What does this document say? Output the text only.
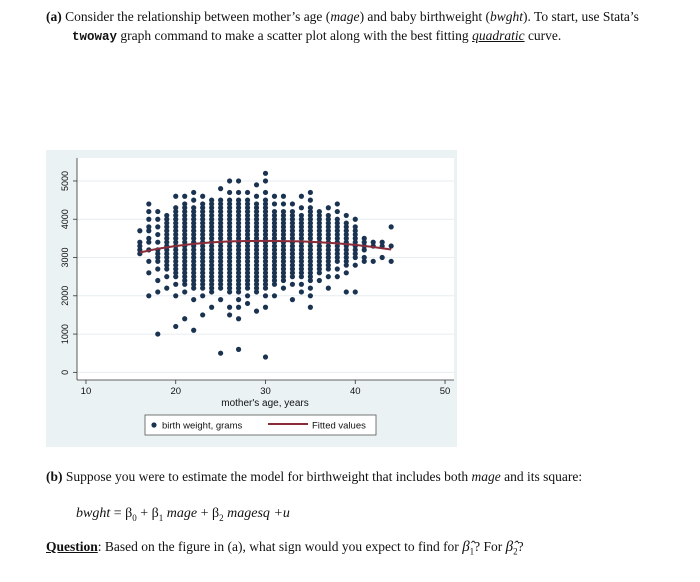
(a) Consider the relationship between mother’s age (mage) and baby birthweight (bwght). To start, use Stata’s
twoway graph command to make a scatter plot along with the best fitting quadratic curve.
0
1000
2000
3000
4000
5000
10	20	30	40	50
mother's age, years
birth weight, grams	Fitted values
(b) Suppose you were to estimate the model for birthweight that includes both mage and its square:
bwght = $\beta_0 + \beta_1$ mage + $\beta_2$ magesq +u
Question: Based on the figure in (a), what sign would you expect to find for $\betâ_1$? For $\betâ_2$?
